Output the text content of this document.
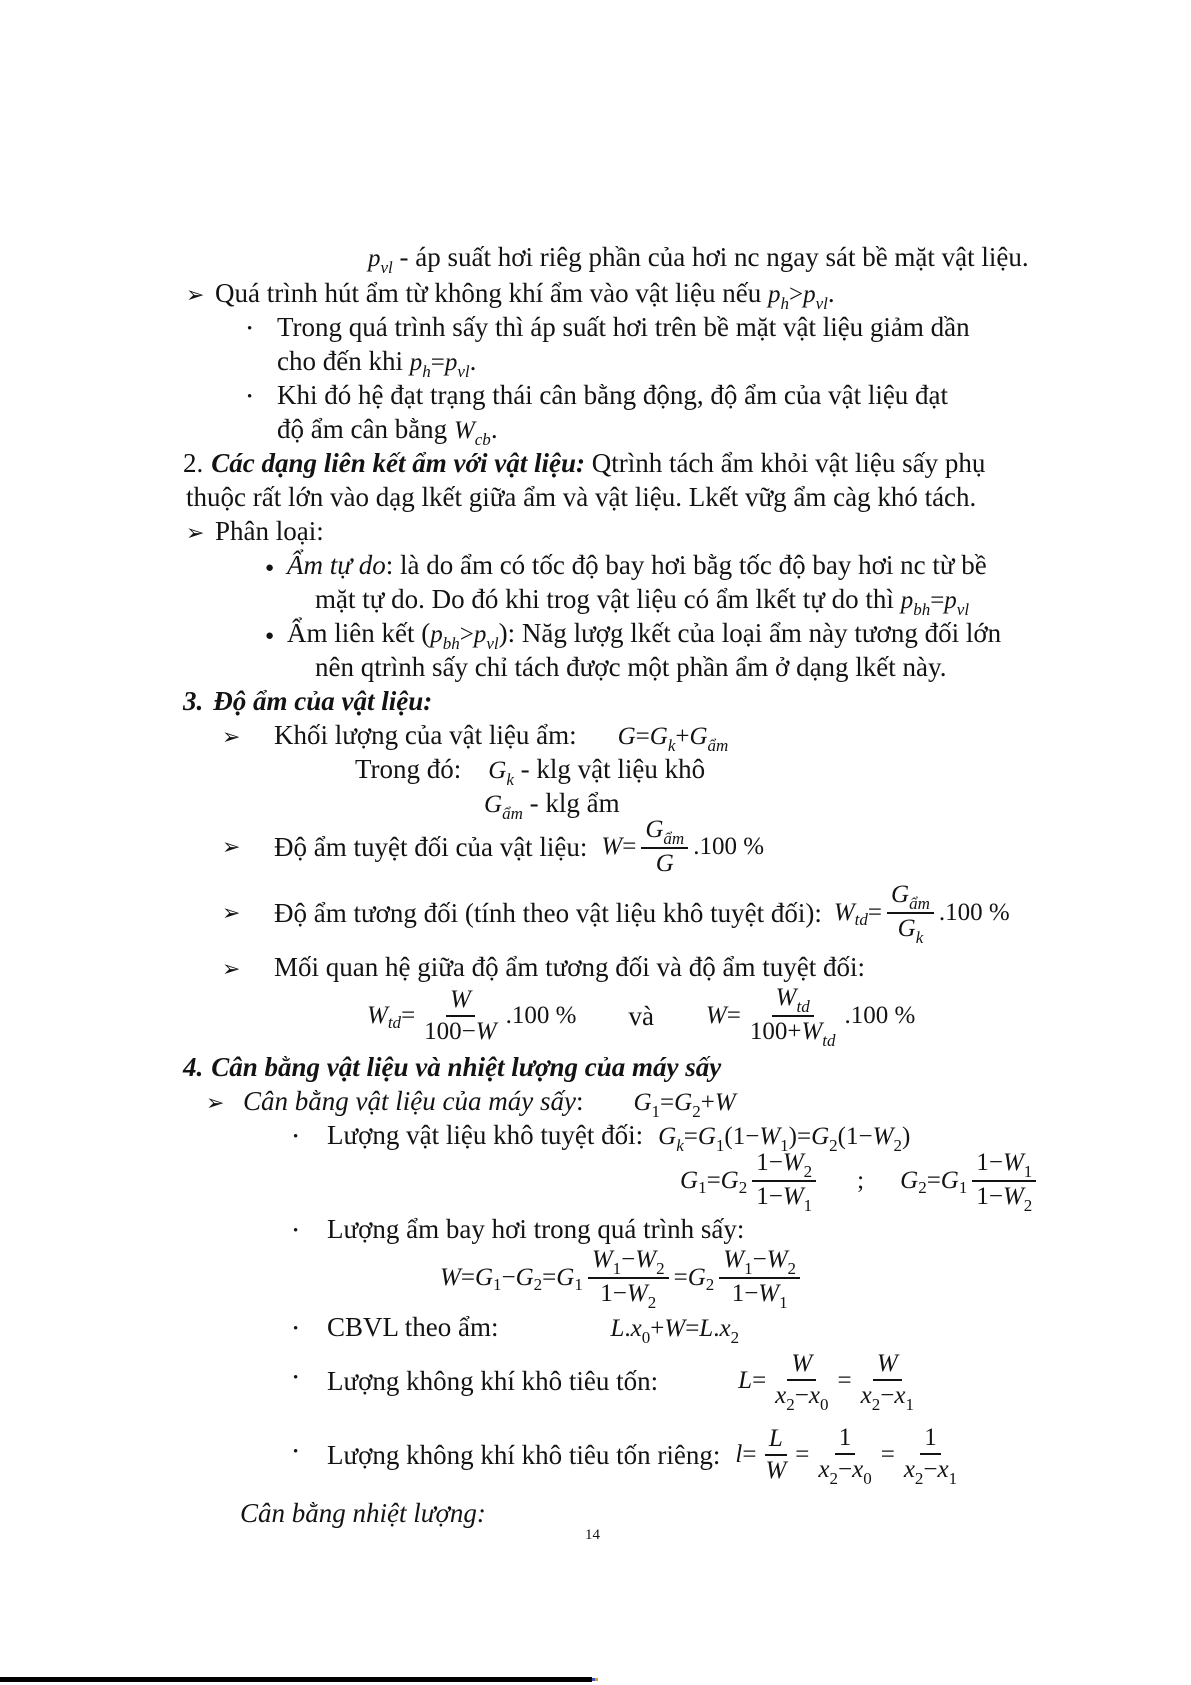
$p_{vl}$ - áp suất hơi riêg phần của hơi nc ngay sát bề mặt vật liệu.
➢ Quá trình hút ẩm từ không khí ẩm vào vật liệu nếu $p_h>p_{vl}$.
• Trong quá trình sấy thì áp suất hơi trên bề mặt vật liệu giảm dần
cho đến khi $p_h=p_{vl}$.
• Khi đó hệ đạt trạng thái cân bằng động, độ ẩm của vật liệu đạt
độ ẩm cân bằng $W_{cb}$.
2. Các dạng liên kết ẩm với vật liệu: Qtrình tách ẩm khỏi vật liệu sấy phụ
thuộc rất lớn vào dạg lkết giữa ẩm và vật liệu. Lkết vữg ẩm càg khó tách.
➢ Phân loại:
● Ẩm tự do: là do ẩm có tốc độ bay hơi bằg tốc độ bay hơi nc từ bề
mặt tự do. Do đó khi trog vật liệu có ẩm lkết tự do thì $p_{bh}=p_{vl}$
● Ẩm liên kết $(p_{bh}>p_{vl})$: Năg lượg lkết của loại ẩm này tương đối lớn
nên qtrình sấy chỉ tách được một phần ẩm ở dạng lkết này.
3. Độ ẩm của vật liệu:
➢ Khối lượng của vật liệu ẩm: $G=G_k+G_{ẩm}$
Trong đó: $G_k$ - klg vật liệu khô
$G_{ẩm}$ - klg ẩm
➢	Độ ẩm tuyệt đối của vật liệu: $W = \frac{G_{ẩm}}{G} .100$ %
➢	Độ ẩm tương đối (tính theo vật liệu khô tuyệt đối): W td = $\frac{G_{ẩm}}{G_k} .100$ %
➢ Mối quan hệ giữa độ ẩm tương đối và độ ẩm tuyệt đối:
W td = $\frac{W}{100-W} .100$ % và $W = \frac{W_{td}}{100+W_{td}} .100$ %
4. Cân bằng vật liệu và nhiệt lượng của máy sấy
➢ Cân bằng vật liệu của máy sấy: $G_1=G_2+W$
• Lượng vật liệu khô tuyệt đối: $G_k=G_1(1-W_1)=G_2(1-W_2)$
G 1 = G $2 \frac{1-W_2}{1-W_1}$ ; G 2 = G $1 \frac{1-W_1}{1-W_2}$
• Lượng ẩm bay hơi trong quá trình sấy:
W = G 1 − G 2 = G $1 \frac{W_1-W_2}{1-W_2} = G$ $2 \frac{W_1-W_2}{1-W_1}$
• CBVL theo ẩm:	$L.x_0+W=L.x_2$
•	Lượng không khí khô tiêu tốn:	$L = \frac{W}{x_2-x_0} = \frac{W}{x_2-x_1}$
•	Lượng không khí khô tiêu tốn riêng: $l = \frac{L}{W} = \frac{1}{x_2-x_0} = \frac{1}{x_2-x_1}$
Cân bằng nhiệt lượng:
14
